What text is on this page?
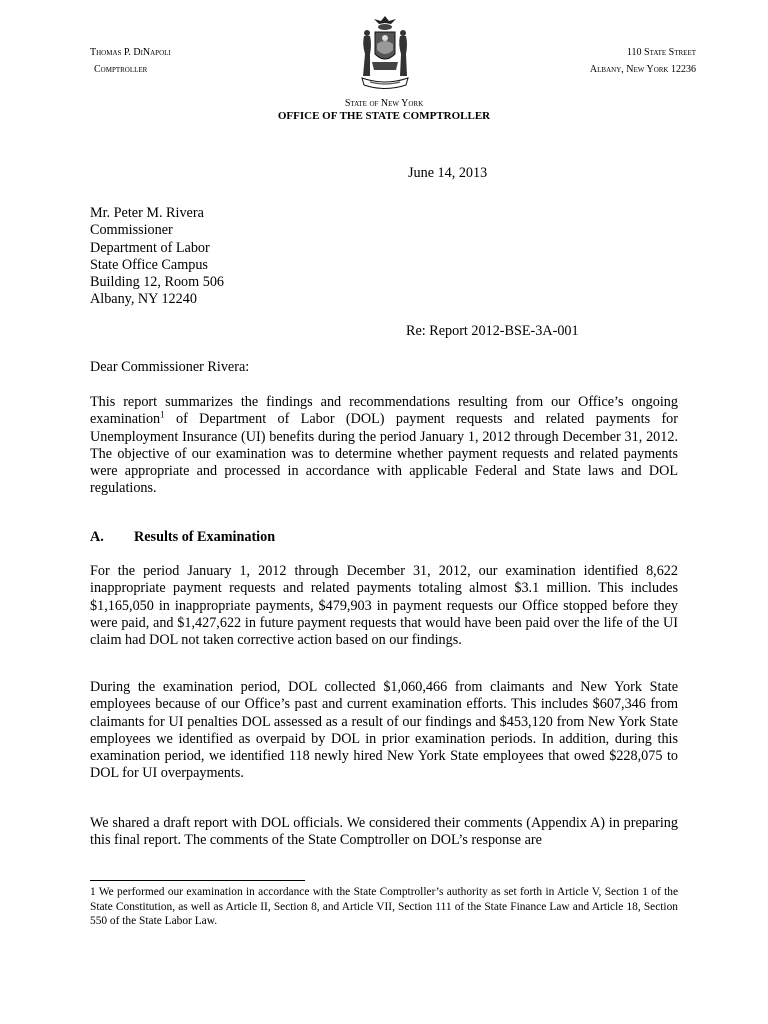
Thomas P. DiNapoli
Comptroller
110 State Street
Albany, New York 12236
State of New York
OFFICE OF THE STATE COMPTROLLER
June 14, 2013
Mr. Peter M. Rivera
Commissioner
Department of Labor
State Office Campus
Building 12, Room 506
Albany, NY 12240
Re: Report 2012-BSE-3A-001
Dear Commissioner Rivera:

This report summarizes the findings and recommendations resulting from our Office’s ongoing examination$^1$ of Department of Labor (DOL) payment requests and related payments for Unemployment Insurance (UI) benefits during the period January 1, 2012 through December 31, 2012. The objective of our examination was to determine whether payment requests and related payments were appropriate and processed in accordance with applicable Federal and State laws and DOL regulations.

A. Results of Examination

For the period January 1, 2012 through December 31, 2012, our examination identified 8,622 inappropriate payment requests and related payments totaling almost $3.1 million. This includes $1,165,050 in inappropriate payments, $479,903 in payment requests our Office stopped before they were paid, and $1,427,622 in future payment requests that would have been paid over the life of the UI claim had DOL not taken corrective action based on our findings.

During the examination period, DOL collected $1,060,466 from claimants and New York State employees because of our Office’s past and current examination efforts. This includes $607,346 from claimants for UI penalties DOL assessed as a result of our findings and $453,120 from New York State employees we identified as overpaid by DOL in prior examination periods. In addition, during this examination period, we identified 118 newly hired New York State employees that owed $228,075 to DOL for UI overpayments.

We shared a draft report with DOL officials. We considered their comments (Appendix A) in preparing this final report. The comments of the State Comptroller on DOL’s response are

1 We performed our examination in accordance with the State Comptroller’s authority as set forth in Article V, Section 1 of the State Constitution, as well as Article II, Section 8, and Article VII, Section 111 of the State Finance Law and Article 18, Section 550 of the State Labor Law.
